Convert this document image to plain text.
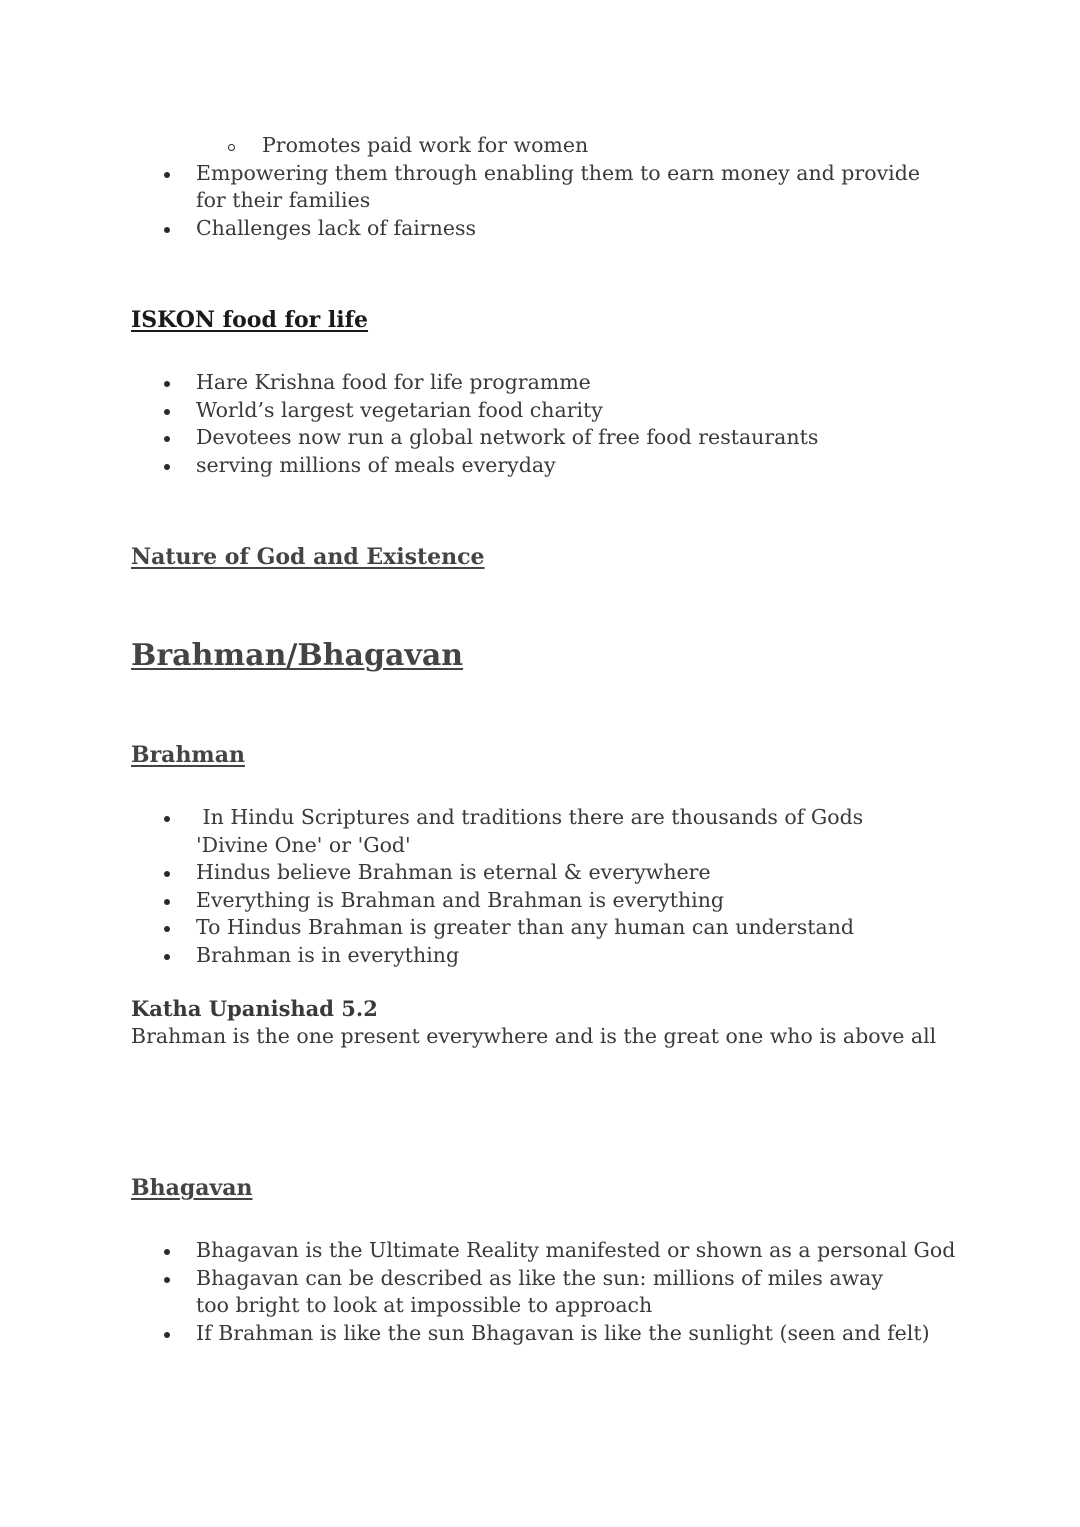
Promotes paid work for women
Empowering them through enabling them to earn money and provide for their families
Challenges lack of fairness
ISKON food for life
Hare Krishna food for life programme
World’s largest vegetarian food charity
Devotees now run a global network of free food restaurants
serving millions of meals everyday
Nature of God and Existence
Brahman/Bhagavan
Brahman
In Hindu Scriptures and traditions there are thousands of Gods 'Divine One' or 'God'
Hindus believe Brahman is eternal & everywhere
Everything is Brahman and Brahman is everything
To Hindus Brahman is greater than any human can understand
Brahman is in everything

Katha Upanishad 5.2

Brahman is the one present everywhere and is the great one who is above all

Bhagavan
Bhagavan is the Ultimate Reality manifested or shown as a personal God
Bhagavan can be described as like the sun: millions of miles away too bright to look at impossible to approach
If Brahman is like the sun Bhagavan is like the sunlight (seen and felt)
